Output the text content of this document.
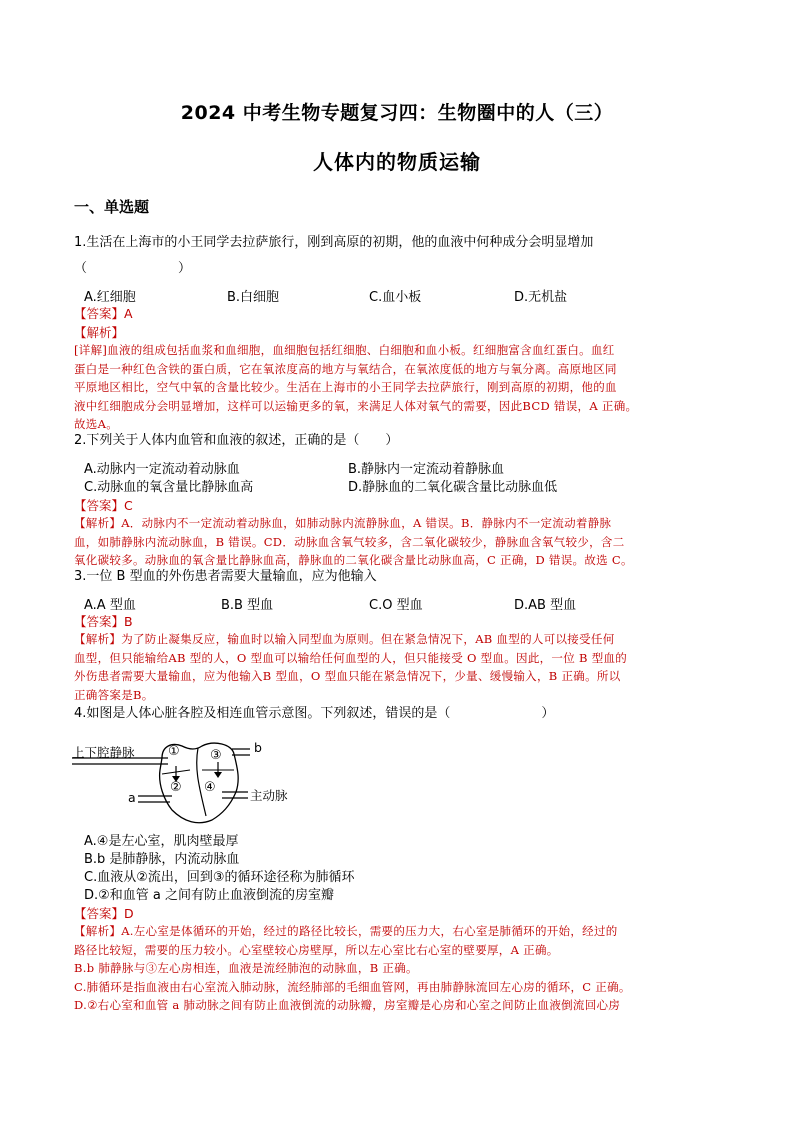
2024 中考生物专题复习四：生物圈中的人（三）
人体内的物质运输
一、单选题
1.生活在上海市的小王同学去拉萨旅行，刚到高原的初期，他的血液中何种成分会明显增加
（　　　　　　　）
A.红细胞	B.白细胞	C.血小板	D.无机盐
【答案】A
【解析】
[详解]血液的组成包括血浆和血细胞，血细胞包括红细胞、白细胞和血小板。红细胞富含血红蛋白。血红
蛋白是一种红色含铁的蛋白质，它在氧浓度高的地方与氧结合，在氧浓度低的地方与氧分离。高原地区同
平原地区相比，空气中氧的含量比较少。生活在上海市的小王同学去拉萨旅行，刚到高原的初期，他的血
液中红细胞成分会明显增加，这样可以运输更多的氧，来满足人体对氧气的需要，因此BCD 错误，A 正确。
故选A。
2.下列关于人体内血管和血液的叙述，正确的是（　　）
A.动脉内一定流动着动脉血	B.静脉内一定流动着静脉血
C.动脉血的氧含量比静脉血高	D.静脉血的二氧化碳含量比动脉血低
【答案】C
【解析】A．动脉内不一定流动着动脉血，如肺动脉内流静脉血，A 错误。B．静脉内不一定流动着静脉
血，如肺静脉内流动脉血，B 错误。CD．动脉血含氧气较多，含二氧化碳较少，静脉血含氧气较少，含二
氧化碳较多。动脉血的氧含量比静脉血高，静脉血的二氧化碳含量比动脉血高，C 正确，D 错误。故选 C。
3.一位 B 型血的外伤患者需要大量输血，应为他输入
A.A 型血	B.B 型血	C.O 型血	D.AB 型血
【答案】B
【解析】为了防止凝集反应，输血时以输入同型血为原则。但在紧急情况下，AB 血型的人可以接受任何
血型，但只能输给AB 型的人，O 型血可以输给任何血型的人，但只能接受 O 型血。因此，一位 B 型血的
外伤患者需要大量输血，应为他输入B 型血，O 型血只能在紧急情况下，少量、缓慢输入，B 正确。所以
正确答案是B。
4.如图是人体心脏各腔及相连血管示意图。下列叙述，错误的是（　　　　　　　）
上下腔静脉	b
a	主动脉
①
②
③
④
A.④是左心室，肌肉壁最厚
B.b 是肺静脉，内流动脉血
C.血液从②流出，回到③的循环途径称为肺循环
D.②和血管 a 之间有防止血液倒流的房室瓣
【答案】D
【解析】A.左心室是体循环的开始，经过的路径比较长，需要的压力大，右心室是肺循环的开始，经过的
路径比较短，需要的压力较小。心室壁较心房壁厚，所以左心室比右心室的壁要厚，A 正确。
B.b 肺静脉与③左心房相连，血液是流经肺泡的动脉血，B 正确。
C.肺循环是指血液由右心室流入肺动脉，流经肺部的毛细血管网，再由肺静脉流回左心房的循环，C 正确。
D.②右心室和血管 a 肺动脉之间有防止血液倒流的动脉瓣，房室瓣是心房和心室之间防止血液倒流回心房
